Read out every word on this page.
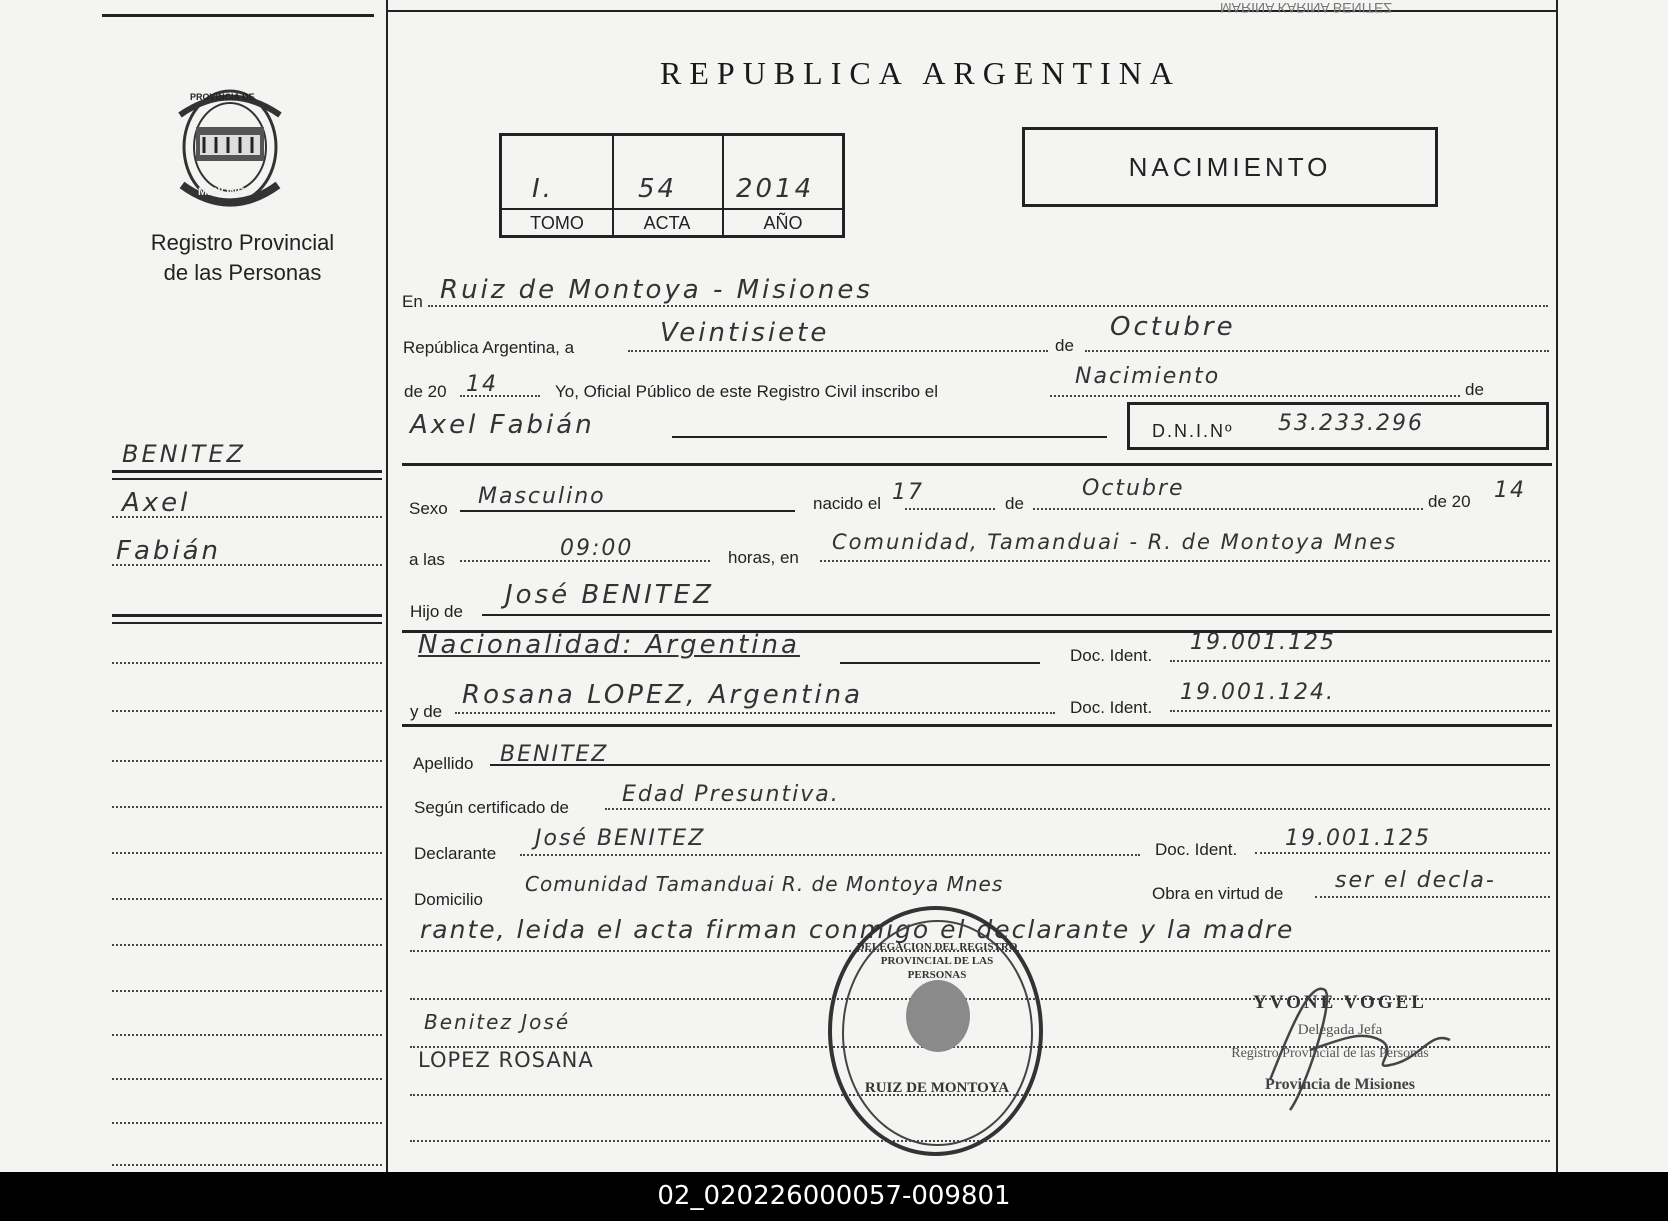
MARINA KARINA BENITEZ
PROVINCIA DE
MISIONES
Registro Provincial
de las Personas
BENITEZ
Axel
Fabián
REPUBLICA ARGENTINA
I.	54 2014
TOMO	ACTA	AÑO
NACIMIENTO
En Ruiz de Montoya - Misiones
República Argentina, a	Veintisiete	de
Octubre
de 20 14	Yo, Oficial Público de este Registro Civil inscribo el
Nacimiento
de
Axel Fabián	D.N.I.Nº 53.233.296
Sexo Masculino	nacido el 17	de
Octubre
de 20 14
a las	09:00	horas, en
Comunidad, Tamanduai - R. de Montoya Mnes
Hijo de
José BENITEZ
Nacionalidad: Argentina	Doc. Ident.
19.001.125
y de
Rosana LOPEZ, Argentina	Doc. Ident.
19.001.124.
Apellido BENITEZ
Según certificado de
Edad Presuntiva.
Declarante
José BENITEZ	Doc. Ident. 19.001.125
Domicilio
Comunidad Tamanduai R. de Montoya Mnes	Obra en virtud de
ser el decla-
rante, leida el acta firman conmigo el declarante y la madre
Benitez José
LOPEZ ROSANA
DELEGACION DEL REGISTRO PROVINCIAL DE LAS PERSONAS
RUIZ DE MONTOYA
YVONE VOGEL
Delegada Jefa
Registro Provincial de las Personas
Provincia de Misiones
02_020226000057-009801
